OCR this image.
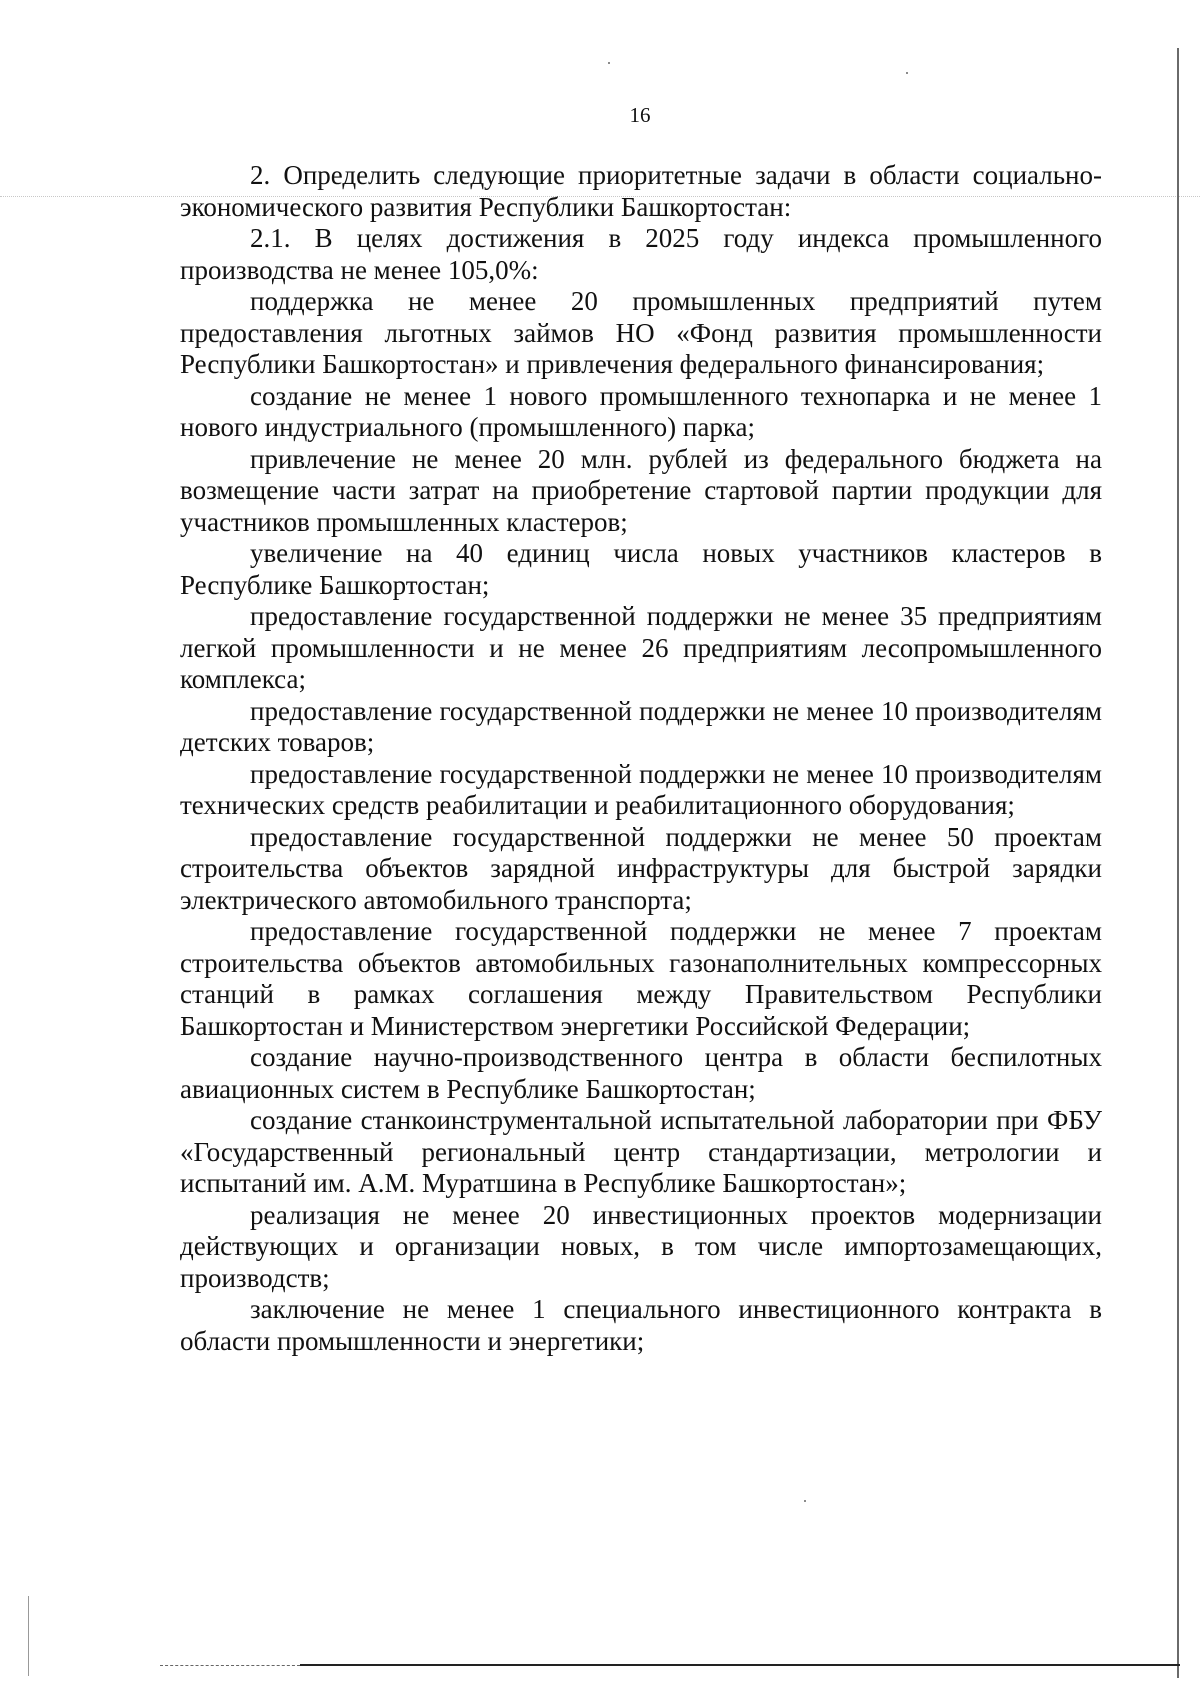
16

2. Определить следующие приоритетные задачи в области социально-экономического развития Республики Башкортостан:

2.1. В целях достижения в 2025 году индекса промышленного производства не менее 105,0%:

поддержка не менее 20 промышленных предприятий путем предоставления льготных займов НО «Фонд развития промышленности Республики Башкортостан» и привлечения федерального финансирования;

создание не менее 1 нового промышленного технопарка и не менее 1 нового индустриального (промышленного) парка;

привлечение не менее 20 млн. рублей из федерального бюджета на возмещение части затрат на приобретение стартовой партии продукции для участников промышленных кластеров;

увеличение на 40 единиц числа новых участников кластеров в Республике Башкортостан;

предоставление государственной поддержки не менее 35 предприятиям легкой промышленности и не менее 26 предприятиям лесопромышленного комплекса;

предоставление государственной поддержки не менее 10 производителям детских товаров;

предоставление государственной поддержки не менее 10 производителям технических средств реабилитации и реабилитационного оборудования;

предоставление государственной поддержки не менее 50 проектам строительства объектов зарядной инфраструктуры для быстрой зарядки электрического автомобильного транспорта;

предоставление государственной поддержки не менее 7 проектам строительства объектов автомобильных газонаполнительных компрессорных станций в рамках соглашения между Правительством Республики Башкортостан и Министерством энергетики Российской Федерации;

создание научно-производственного центра в области беспилотных авиационных систем в Республике Башкортостан;

создание станкоинструментальной испытательной лаборатории при ФБУ «Государственный региональный центр стандартизации, метрологии и испытаний им. А.М. Муратшина в Республике Башкортостан»;

реализация не менее 20 инвестиционных проектов модернизации действующих и организации новых, в том числе импортозамещающих, производств;

заключение не менее 1 специального инвестиционного контракта в области промышленности и энергетики;
